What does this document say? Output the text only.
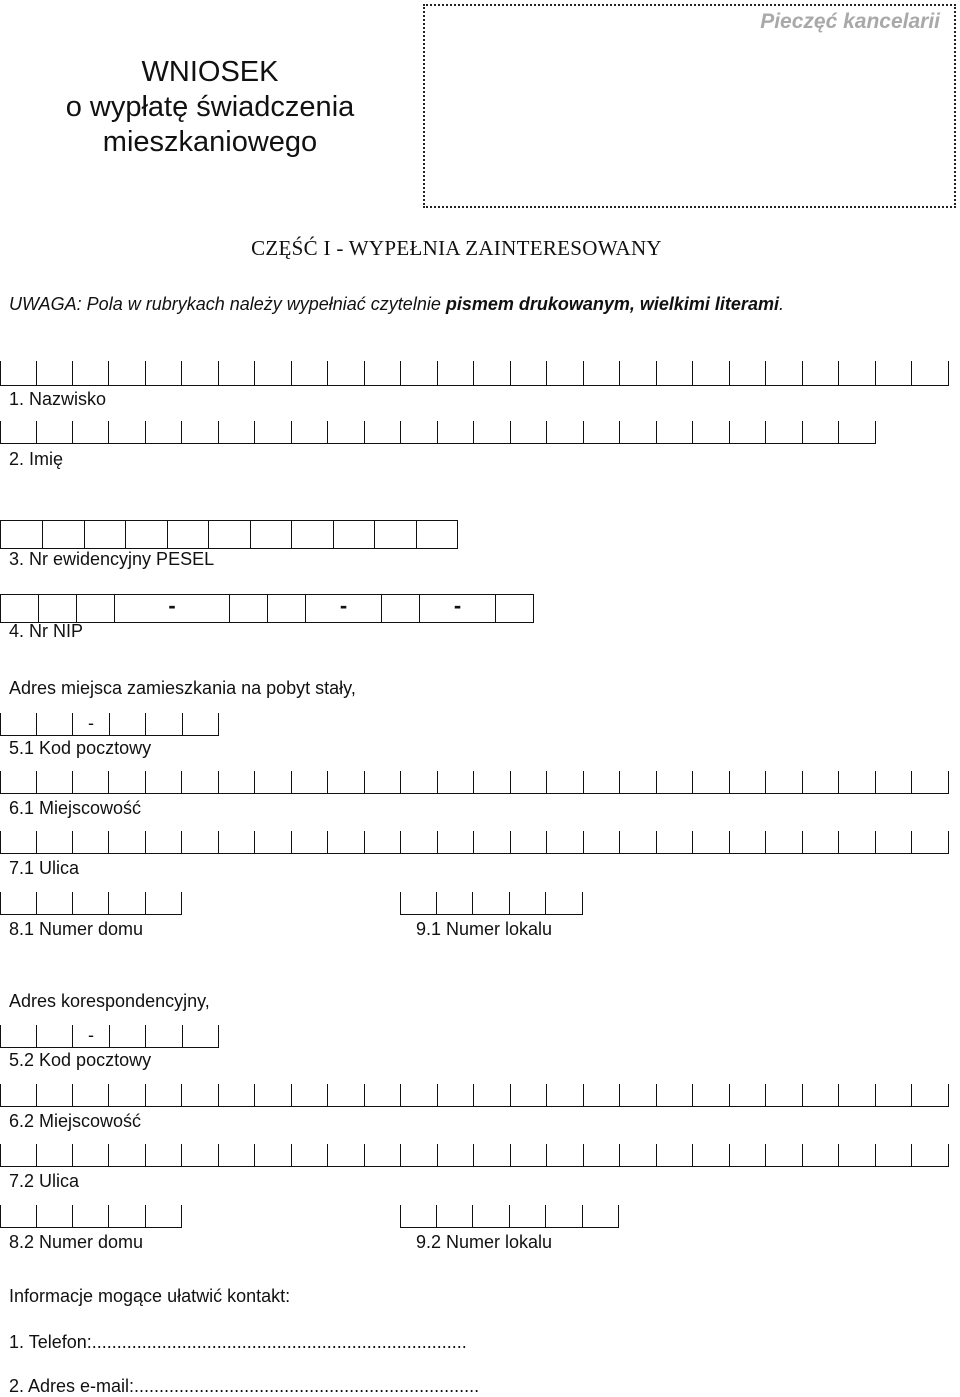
WNIOSEK
o wypłatę świadczenia
mieszkaniowego
Pieczęć kancelarii
CZĘŚĆ I - WYPEŁNIA ZAINTERESOWANY
UWAGA: Pola w rubrykach należy wypełniać czytelnie pismem drukowanym, wielkimi literami.
1. Nazwisko
2. Imię
3. Nr ewidencyjny PESEL
-	-	-
4. Nr NIP
Adres miejsca zamieszkania na pobyt stały,
-
5.1 Kod pocztowy
6.1 Miejscowość
7.1 Ulica
8.1 Numer domu	9.1 Numer lokalu
Adres korespondencyjny,
-
5.2 Kod pocztowy
6.2 Miejscowość
7.2 Ulica
8.2 Numer domu	9.2 Numer lokalu
Informacje mogące ułatwić kontakt:
1. Telefon:...........................................................................
2. Adres e-mail:.....................................................................
